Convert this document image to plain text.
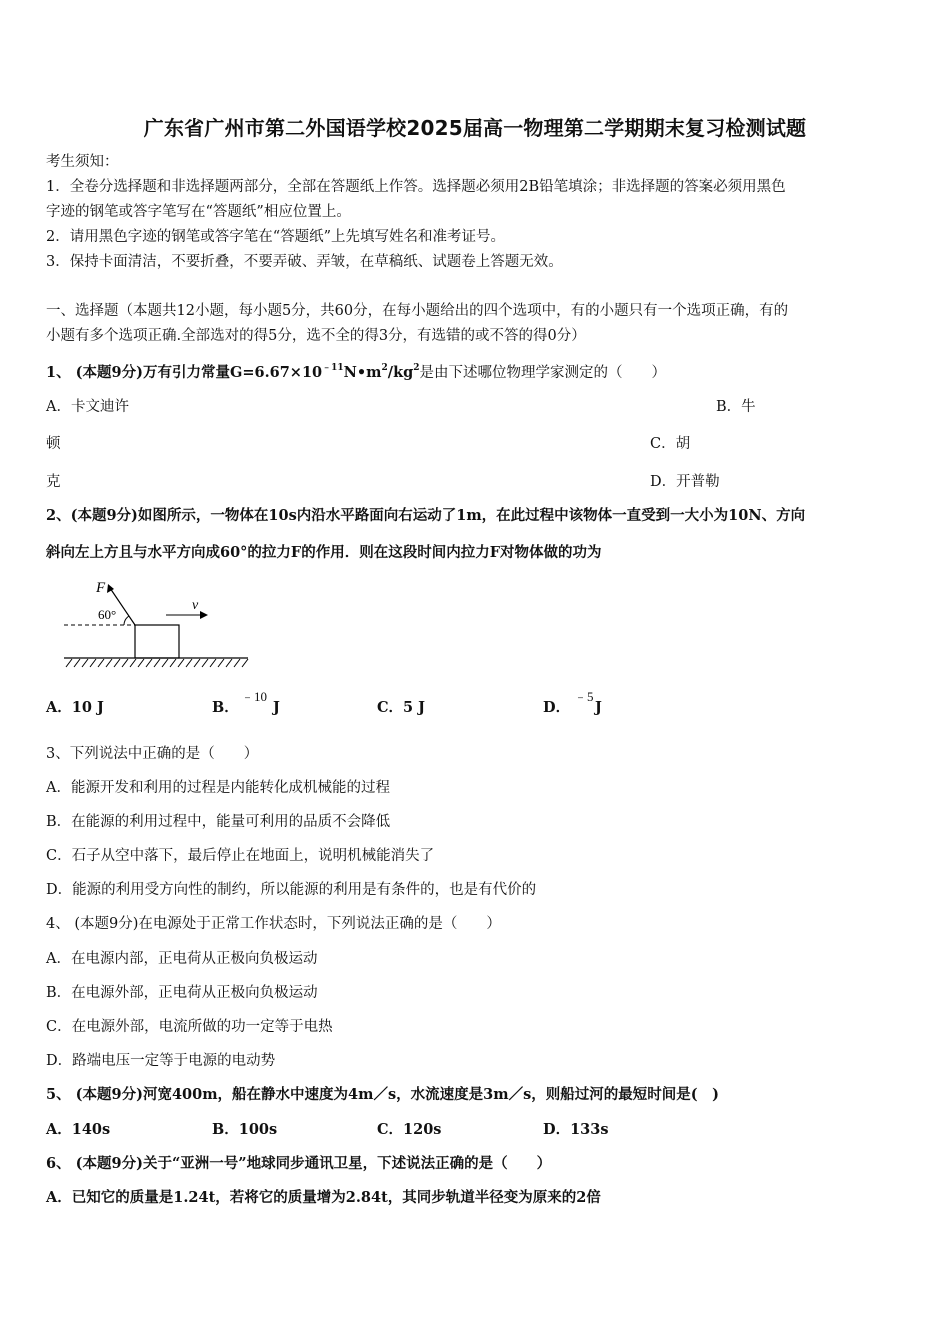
广东省广州市第二外国语学校2025届高一物理第二学期期末复习检测试题
考生须知：
1．全卷分选择题和非选择题两部分，全部在答题纸上作答。选择题必须用2B铅笔填涂；非选择题的答案必须用黑色
字迹的钢笔或答字笔写在“答题纸”相应位置上。
2．请用黑色字迹的钢笔或答字笔在“答题纸”上先填写姓名和准考证号。
3．保持卡面清洁，不要折叠，不要弄破、弄皱，在草稿纸、试题卷上答题无效。
一、选择题（本题共12小题，每小题5分，共60分，在每小题给出的四个选项中，有的小题只有一个选项正确，有的
小题有多个选项正确.全部选对的得5分，选不全的得3分，有选错的或不答的得0分）
1、 (本题9分)万有引力常量$G=6.67\times 10^{﹣11}N•m^2/kg^2$是由下述哪位物理学家测定的（　　）
A．卡文迪许	B．牛
顿	C．胡
克	D．开普勒
2、(本题9分)如图所示，一物体在10s内沿水平路面向右运动了1m，在此过程中该物体一直受到一大小为10N、方向
斜向左上方且与水平方向成60°的拉力F的作用．则在这段时间内拉力F对物体做的功为
F
60°
v
A．10 J	B．
﹣10
J	C．5 J	D．
﹣5
J
3、下列说法中正确的是（　　）
A．能源开发和利用的过程是内能转化成机械能的过程
B．在能源的利用过程中，能量可利用的品质不会降低
C．石子从空中落下，最后停止在地面上，说明机械能消失了
D．能源的利用受方向性的制约，所以能源的利用是有条件的，也是有代价的
4、 (本题9分)在电源处于正常工作状态时，下列说法正确的是（　　）
A．在电源内部，正电荷从正极向负极运动
B．在电源外部，正电荷从正极向负极运动
C．在电源外部，电流所做的功一定等于电热
D．路端电压一定等于电源的电动势
5、 (本题9分)河宽400m，船在静水中速度为4m／s，水流速度是3m／s，则船过河的最短时间是(　)
A．140s	B．100s	C．120s	D．133s
6、 (本题9分)关于“亚洲一号”地球同步通讯卫星，下述说法正确的是（　　）
A．已知它的质量是1.24t，若将它的质量增为2.84t，其同步轨道半径变为原来的2倍
